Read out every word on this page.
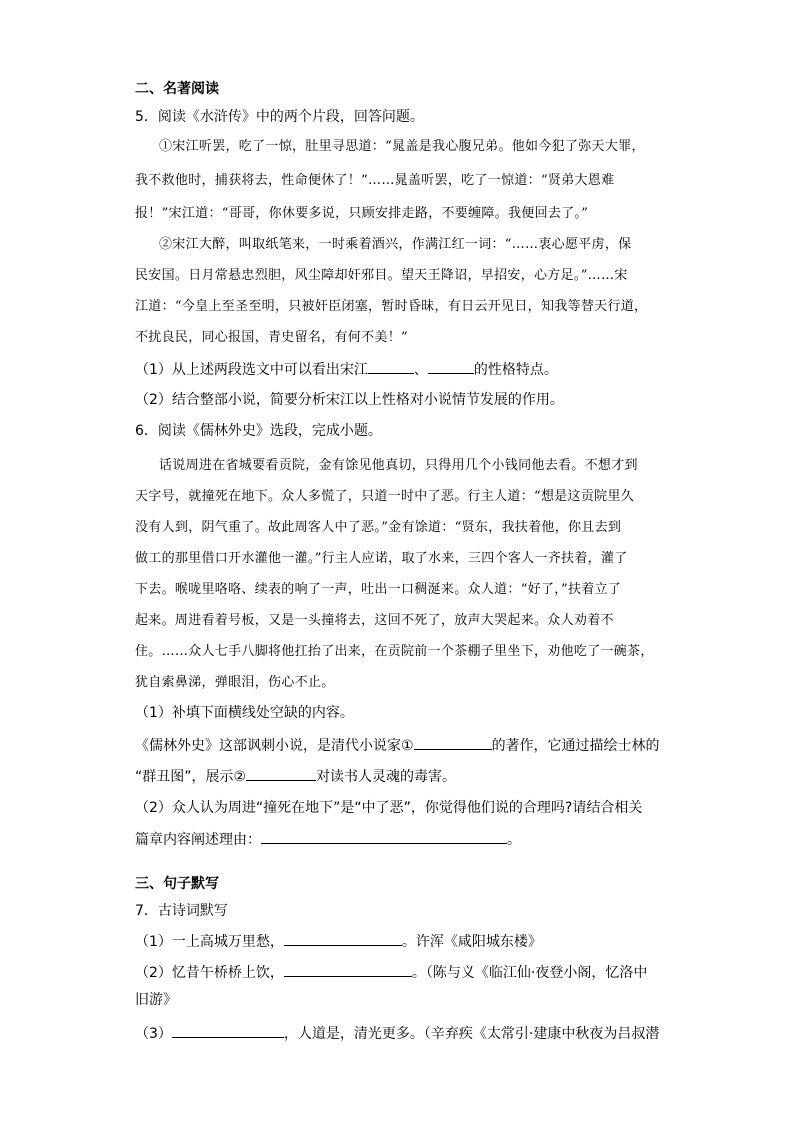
二、名著阅读
5．阅读《水浒传》中的两个片段，回答问题。
①宋江听罢，吃了一惊，肚里寻思道：“晁盖是我心腹兄弟。他如今犯了弥天大罪，
我不救他时，捕获将去，性命便休了！”……晁盖听罢，吃了一惊道：“贤弟大恩难
报！”宋江道：“哥哥，你休要多说，只顾安排走路，不要缠障。我便回去了。”
②宋江大醉，叫取纸笔来，一时乘着酒兴，作满江红一词：“……衷心愿平虏，保
民安国。日月常悬忠烈胆，风尘障却奸邪目。望天王降诏，早招安，心方足。”……宋
江道：“今皇上至圣至明，只被奸臣闭塞，暂时昏昧，有日云开见日，知我等替天行道，
不扰良民，同心报国，青史留名，有何不美！”
（1）从上述两段选文中可以看出宋江	、	的性格特点。
（2）结合整部小说，简要分析宋江以上性格对小说情节发展的作用。
6．阅读《儒林外史》选段，完成小题。
话说周进在省城要看贡院，金有馀见他真切，只得用几个小钱同他去看。不想才到
天字号，就撞死在地下。众人多慌了，只道一时中了恶。行主人道：“想是这贡院里久
没有人到，阴气重了。故此周客人中了恶。”金有馀道：“贤东，我扶着他，你且去到
做工的那里借口开水灌他一灌。”行主人应诺，取了水来，三四个客人一齐扶着，灌了
下去。喉咙里咯咯、续表的响了一声，吐出一口稠涎来。众人道：“好了，”扶着立了
起来。周进看着号板，又是一头撞将去，这回不死了，放声大哭起来。众人劝着不
住。……众人七手八脚将他扛抬了出来，在贡院前一个茶棚子里坐下，劝他吃了一碗茶，
犹自索鼻涕，弹眼泪，伤心不止。
（1）补填下面横线处空缺的内容。
《儒林外史》这部讽刺小说，是清代小说家①	的著作，它通过描绘士林的
“群丑图”，展示②	对读书人灵魂的毒害。
（2）众人认为周进“撞死在地下”是“中了恶”，你觉得他们说的合理吗?请结合相关
篇章内容阐述理由：	。
三、句子默写
7．古诗词默写
（1）一上高城万里愁，	。许浑《咸阳城东楼》
（2）忆昔午桥桥上饮，	。（陈与义《临江仙·夜登小阁，忆洛中
旧游》
（3）	，人道是，清光更多。（辛弃疾《太常引·建康中秋夜为吕叔潜
